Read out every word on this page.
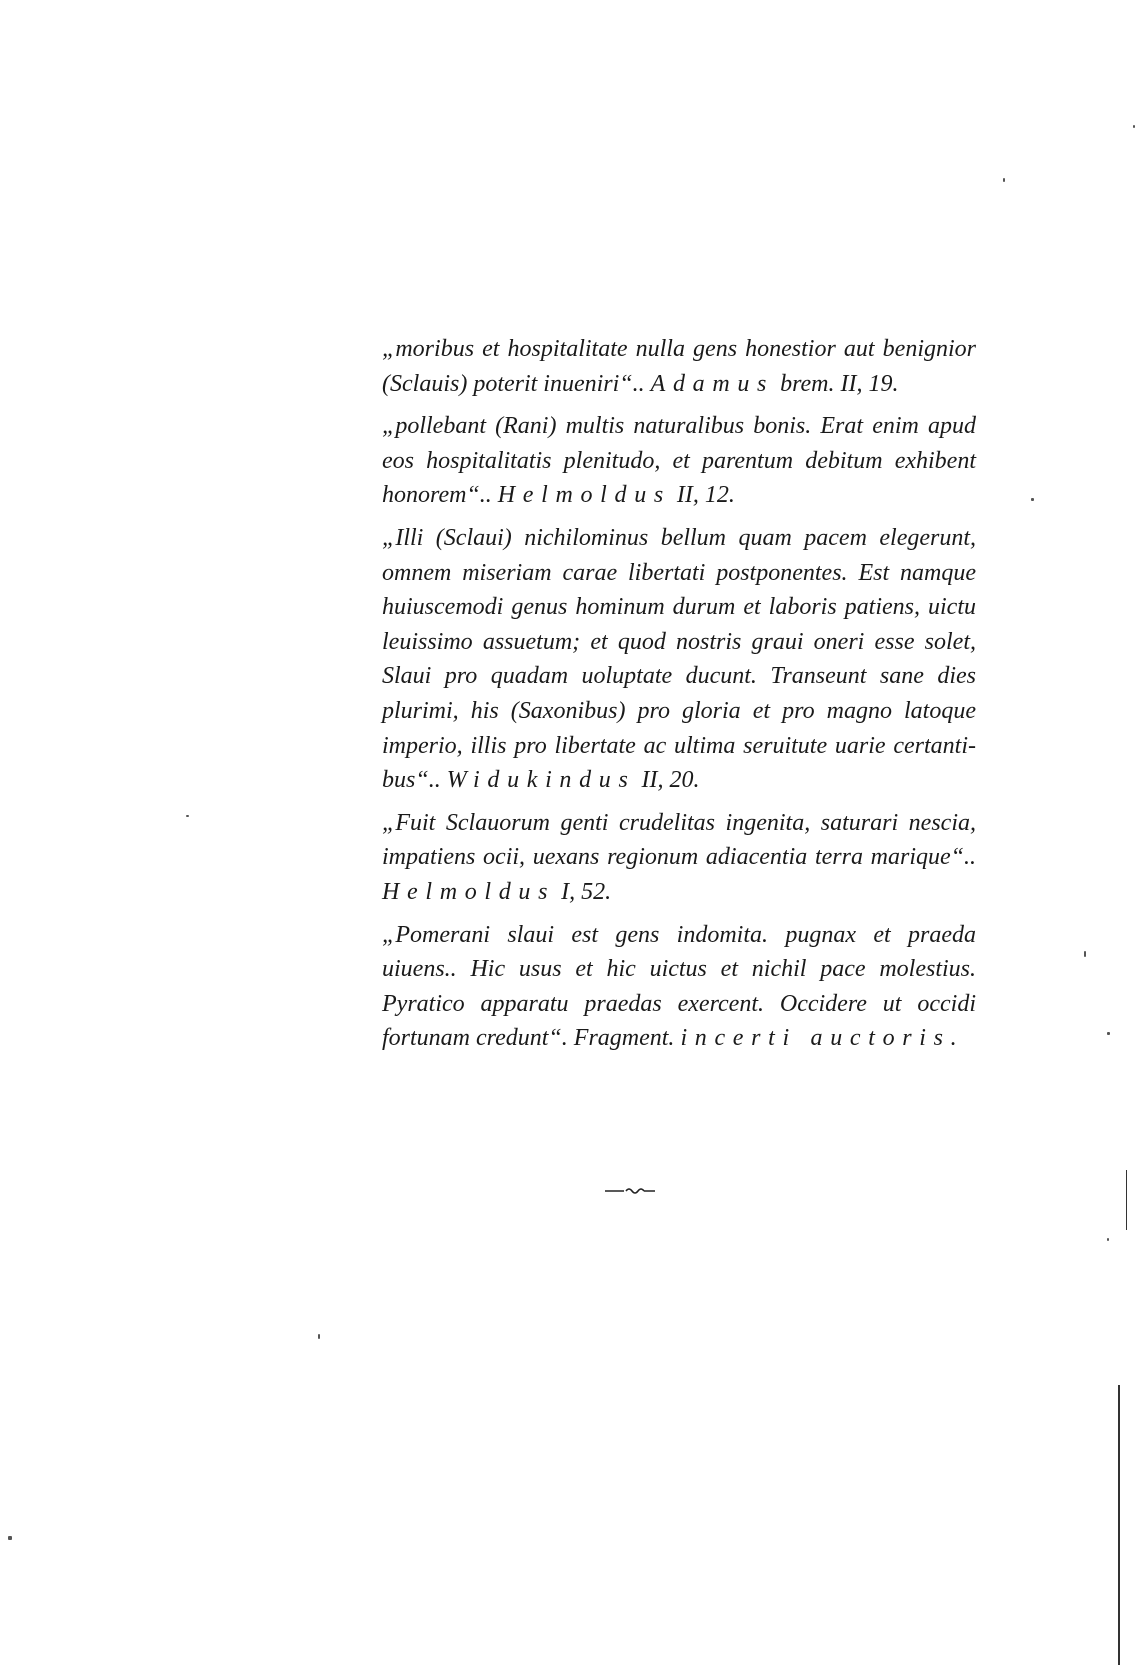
„moribus et hospitalitate nulla gens honestior aut benignior (Sclauis) poterit inueniri“.. Adamus brem. II, 19.

„pollebant (Rani) multis naturalibus bonis. Erat enim apud eos hospitalitatis plenitudo, et parentum debitum exhibent honorem“.. Helmoldus II, 12.

„Illi (Sclaui) nichilominus bellum quam pacem elegerunt, omnem miseriam carae libertati postponentes. Est namque huiuscemodi genus hominum durum et laboris patiens, uictu leuissimo assuetum; et quod nostris graui oneri esse solet, Slaui pro quadam uoluptate ducunt. Transeunt sane dies plurimi, his (Saxonibus) pro gloria et pro magno latoque imperio, illis pro libertate ac ultima seruitute uarie certantibus“.. Widukindus II, 20.

„Fuit Sclauorum genti crudelitas ingenita, saturari nescia, impatiens ocii, uexans regionum adiacentia terra marique“.. Helmoldus I, 52.

„Pomerani slaui est gens indomita. pugnax et praeda uiuens.. Hic usus et hic uictus et nichil pace molestius. Pyratico apparatu praedas exercent. Occidere ut occidi fortunam credunt“. Fragment. incerti auctoris.
